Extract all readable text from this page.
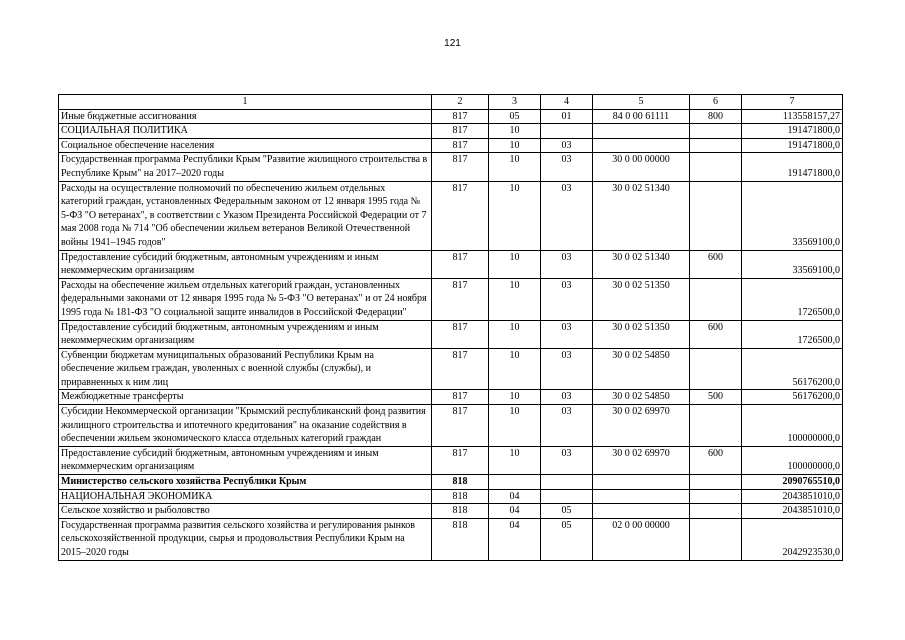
121
1	2	3	4	5	6	7
Иные бюджетные ассигнования	817	05	01	84 0 00 61111	800	113558157,27
СОЦИАЛЬНАЯ ПОЛИТИКА	817	10				191471800,0
Социальное обеспечение населения	817	10	03			191471800,0
Государственная программа Республики Крым "Развитие жилищного строительства в Республике Крым" на 2017–2020 годы	817	10	03	30 0 00 00000		191471800,0
Расходы на осуществление полномочий по обеспечению жильем отдельных категорий граждан, установленных Федеральным законом от 12 января 1995 года № 5-ФЗ "О ветеранах", в соответствии с Указом Президента Российской Федерации от 7 мая 2008 года № 714 "Об обеспечении жильем ветеранов Великой Отечественной войны 1941–1945 годов"	817	10	03	30 0 02 51340		33569100,0
Предоставление субсидий бюджетным, автономным учреждениям и иным некоммерческим организациям	817	10	03	30 0 02 51340	600	33569100,0
Расходы на обеспечение жильем отдельных категорий граждан, установленных федеральными законами от 12 января 1995 года № 5-ФЗ "О ветеранах" и от 24 ноября 1995 года № 181-ФЗ "О социальной защите инвалидов в Российской Федерации"	817	10	03	30 0 02 51350		1726500,0
Предоставление субсидий бюджетным, автономным учреждениям и иным некоммерческим организациям	817	10	03	30 0 02 51350	600	1726500,0
Субвенции бюджетам муниципальных образований Республики Крым на обеспечение жильем граждан, уволенных с военной службы (службы), и приравненных к ним лиц	817	10	03	30 0 02 54850		56176200,0
Межбюджетные трансферты	817	10	03	30 0 02 54850	500	56176200,0
Субсидии Некоммерческой организации "Крымский республиканский фонд развития жилищного строительства и ипотечного кредитования" на оказание содействия в обеспечении жильем экономического класса отдельных категорий граждан	817	10	03	30 0 02 69970		100000000,0
Предоставление субсидий бюджетным, автономным учреждениям и иным некоммерческим организациям	817	10	03	30 0 02 69970	600	100000000,0
Министерство сельского хозяйства Республики Крым	818					2090765510,0
НАЦИОНАЛЬНАЯ ЭКОНОМИКА	818	04				2043851010,0
Сельское хозяйство и рыболовство	818	04	05			2043851010,0
Государственная программа развития сельского хозяйства и регулирования рынков сельскохозяйственной продукции, сырья и продовольствия Республики Крым на 2015–2020 годы	818	04	05	02 0 00 00000		2042923530,0
